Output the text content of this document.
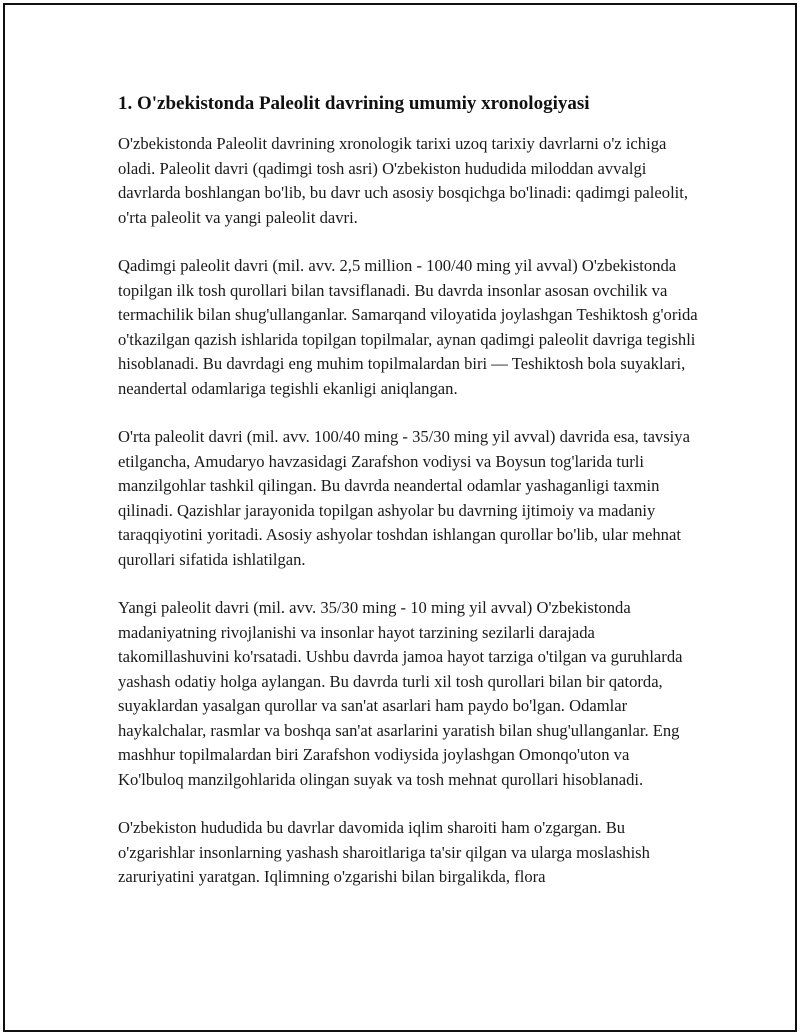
1. O'zbekistonda Paleolit davrining umumiy xronologiyasi

O'zbekistonda Paleolit davrining xronologik tarixi uzoq tarixiy davrlarni o'z ichiga oladi. Paleolit davri (qadimgi tosh asri) O'zbekiston hududida miloddan avvalgi davrlarda boshlangan bo'lib, bu davr uch asosiy bosqichga bo'linadi: qadimgi paleolit, o'rta paleolit va yangi paleolit davri.

Qadimgi paleolit davri (mil. avv. 2,5 million - 100/40 ming yil avval) O'zbekistonda topilgan ilk tosh qurollari bilan tavsiflanadi. Bu davrda insonlar asosan ovchilik va termachilik bilan shug'ullanganlar. Samarqand viloyatida joylashgan Teshiktosh g'orida o'tkazilgan qazish ishlarida topilgan topilmalar, aynan qadimgi paleolit davriga tegishli hisoblanadi. Bu davrdagi eng muhim topilmalardan biri — Teshiktosh bola suyaklari, neandertal odamlariga tegishli ekanligi aniqlangan.

O'rta paleolit davri (mil. avv. 100/40 ming - 35/30 ming yil avval) davrida esa, tavsiya etilgancha, Amudaryo havzasidagi Zarafshon vodiysi va Boysun tog'larida turli manzilgohlar tashkil qilingan. Bu davrda neandertal odamlar yashaganligi taxmin qilinadi. Qazishlar jarayonida topilgan ashyolar bu davrning ijtimoiy va madaniy taraqqiyotini yoritadi. Asosiy ashyolar toshdan ishlangan qurollar bo'lib, ular mehnat qurollari sifatida ishlatilgan.

Yangi paleolit davri (mil. avv. 35/30 ming - 10 ming yil avval) O'zbekistonda madaniyatning rivojlanishi va insonlar hayot tarzining sezilarli darajada takomillashuvini ko'rsatadi. Ushbu davrda jamoa hayot tarziga o'tilgan va guruhlarda yashash odatiy holga aylangan. Bu davrda turli xil tosh qurollari bilan bir qatorda, suyaklardan yasalgan qurollar va san'at asarlari ham paydo bo'lgan. Odamlar haykalchalar, rasmlar va boshqa san'at asarlarini yaratish bilan shug'ullanganlar. Eng mashhur topilmalardan biri Zarafshon vodiysida joylashgan Omonqo'uton va Ko'lbuloq manzilgohlarida olingan suyak va tosh mehnat qurollari hisoblanadi.

O'zbekiston hududida bu davrlar davomida iqlim sharoiti ham o'zgargan. Bu o'zgarishlar insonlarning yashash sharoitlariga ta'sir qilgan va ularga moslashish zaruriyatini yaratgan. Iqlimning o'zgarishi bilan birgalikda, flora
